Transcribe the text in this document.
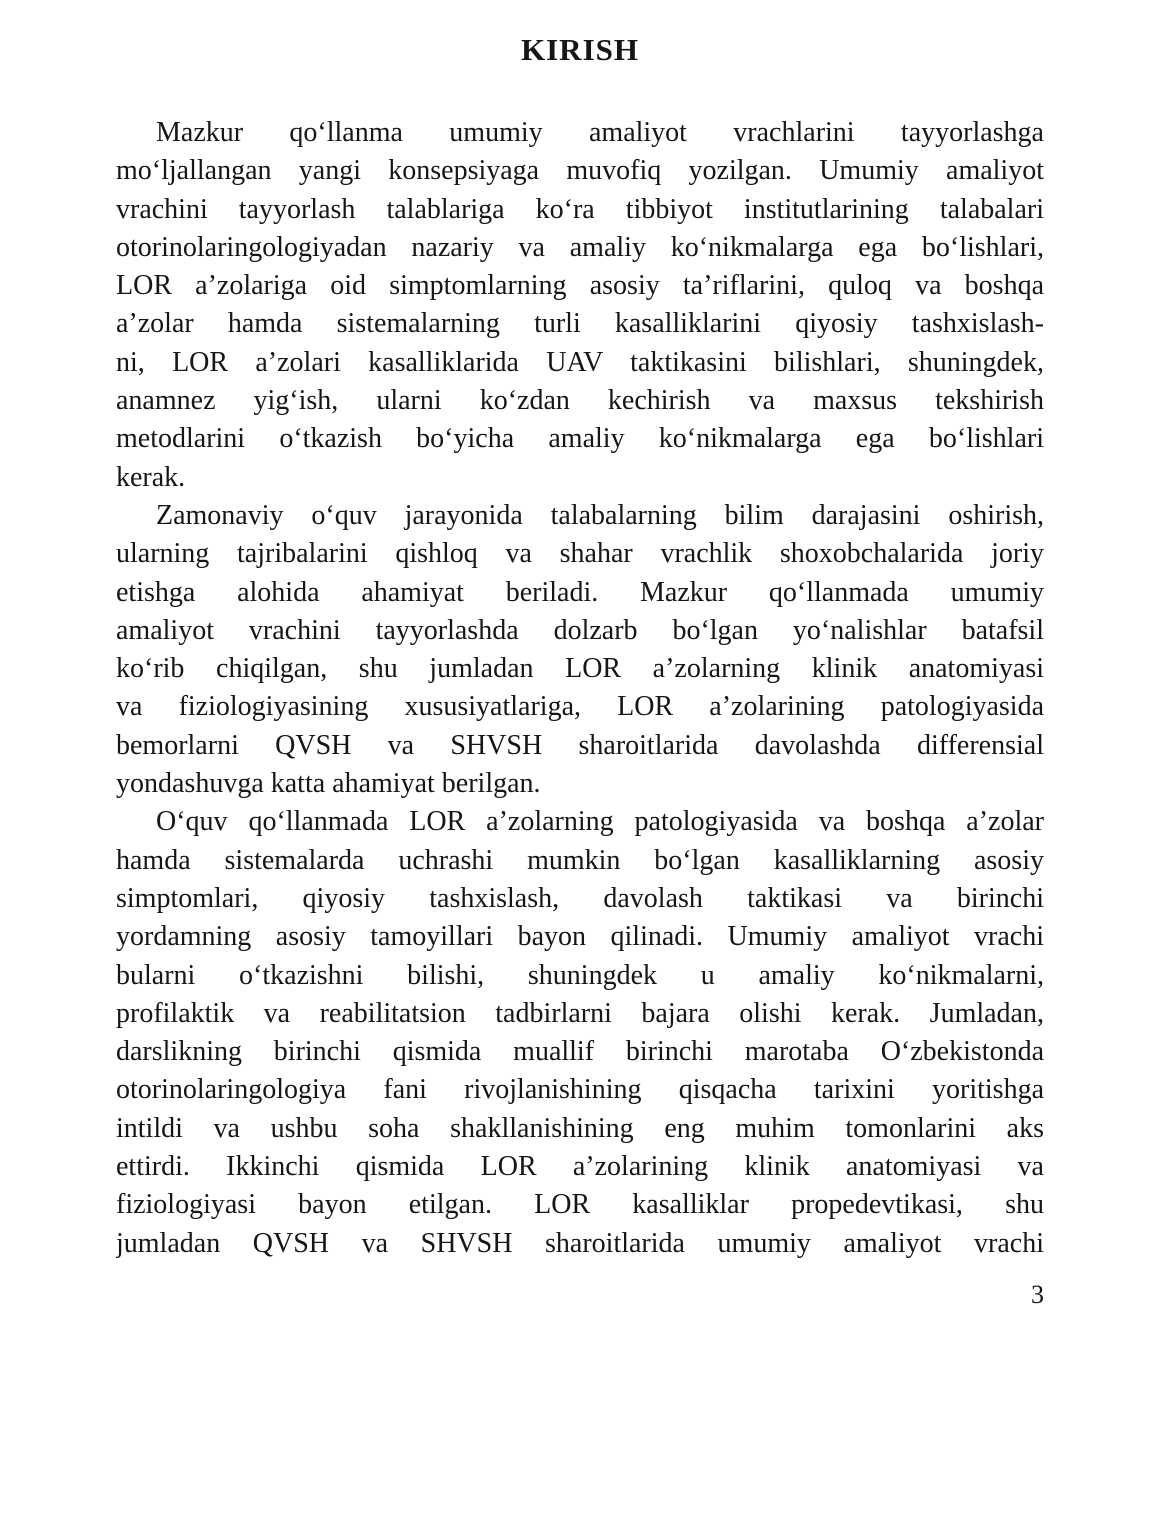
KIRISH
Mazkur qo‘llanma umumiy amaliyot vrachlarini tayyorlashga
mo‘ljallangan yangi konsepsiyaga muvofiq yozilgan. Umumiy amaliyot
vrachini tayyorlash talablariga ko‘ra tibbiyot institutlarining talabalari
otorinolaringologiyadan nazariy va amaliy ko‘nikmalarga ega bo‘lishlari,
LOR a’zolariga oid simptomlarning asosiy ta’riflarini, quloq va boshqa
a’zolar hamda sistemalarning turli kasalliklarini qiyosiy tashxislash-
ni, LOR a’zolari kasalliklarida UAV taktikasini bilishlari, shuningdek,
anamnez yig‘ish, ularni ko‘zdan kechirish va maxsus tekshirish
metodlarini o‘tkazish bo‘yicha amaliy ko‘nikmalarga ega bo‘lishlari
kerak.
Zamonaviy o‘quv jarayonida talabalarning bilim darajasini oshirish,
ularning tajribalarini qishloq va shahar vrachlik shoxobchalarida joriy
etishga alohida ahamiyat beriladi. Mazkur qo‘llanmada umumiy
amaliyot vrachini tayyorlashda dolzarb bo‘lgan yo‘nalishlar batafsil
ko‘rib chiqilgan, shu jumladan LOR a’zolarning klinik anatomiyasi
va fiziologiyasining xususiyatlariga, LOR a’zolarining patologiyasida
bemorlarni QVSH va SHVSH sharoitlarida davolashda differensial
yondashuvga katta ahamiyat berilgan.
O‘quv qo‘llanmada LOR a’zolarning patologiyasida va boshqa a’zolar
hamda sistemalarda uchrashi mumkin bo‘lgan kasalliklarning asosiy
simptomlari, qiyosiy tashxislash, davolash taktikasi va birinchi
yordamning asosiy tamoyillari bayon qilinadi. Umumiy amaliyot vrachi
bularni o‘tkazishni bilishi, shuningdek u amaliy ko‘nikmalarni,
profilaktik va reabilitatsion tadbirlarni bajara olishi kerak. Jumladan,
darslikning birinchi qismida muallif birinchi marotaba O‘zbekistonda
otorinolaringologiya fani rivojlanishining qisqacha tarixini yoritishga
intildi va ushbu soha shakllanishining eng muhim tomonlarini aks
ettirdi. Ikkinchi qismida LOR a’zolarining klinik anatomiyasi va
fiziologiyasi bayon etilgan. LOR kasalliklar propedevtikasi, shu
jumladan QVSH va SHVSH sharoitlarida umumiy amaliyot vrachi
3
